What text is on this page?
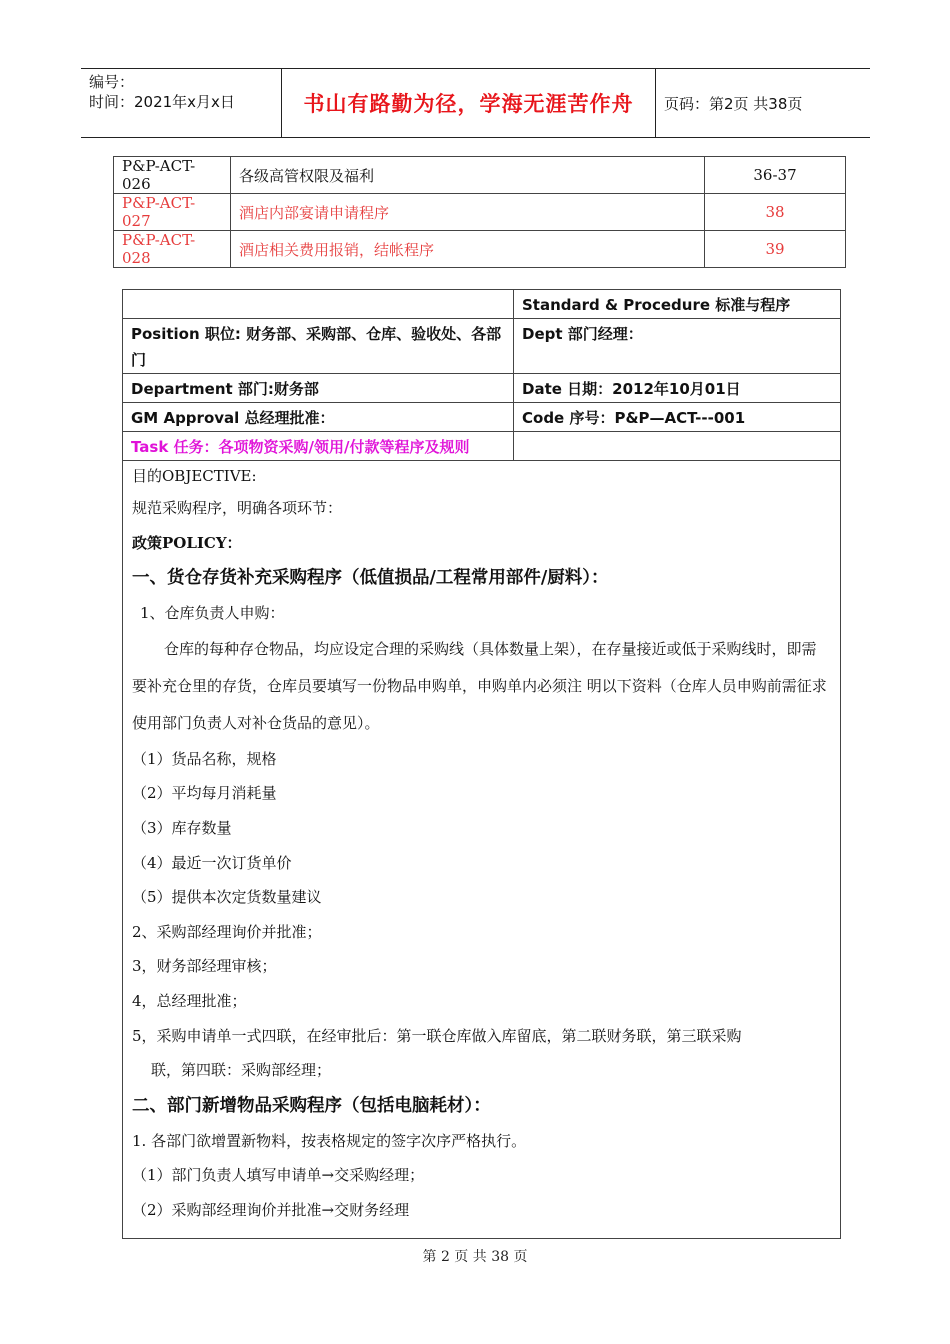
编号：
时间：2021年x月x日	书山有路勤为径，学海无涯苦作舟	页码：第2页 共38页
P&P-ACT-026	各级高管权限及福利	36-37
P&P-ACT-027	酒店内部宴请申请程序	38
P&P-ACT-028	酒店相关费用报销，结帐程序	39
	Standard & Procedure 标准与程序
Position 职位: 财务部、采购部、仓库、验收处、各部门	Dept 部门经理：
Department 部门:财务部	Date 日期：2012年10月01日
GM Approval 总经理批准：	Code 序号：P&P—ACT---001
Task 任务：各项物资采购/领用/付款等程序及规则	
目的OBJECTIVE:
规范采购程序，明确各项环节：
政策POLICY：
一、货仓存货补充采购程序（低值损品/工程常用部件/厨料）：
1、仓库负责人申购：
仓库的每种存仓物品，均应设定合理的采购线（具体数量上架），在存量接近或低于采购线时，即需要补充仓里的存货，仓库员要填写一份物品申购单，申购单内必须注 明以下资料（仓库人员申购前需征求使用部门负责人对补仓货品的意见）。
（1）货品名称，规格
（2）平均每月消耗量
（3）库存数量
（4）最近一次订货单价
（5）提供本次定货数量建议
2、采购部经理询价并批准；
3，财务部经理审核；
4，总经理批准；
5，采购申请单一式四联，在经审批后：第一联仓库做入库留底，第二联财务联，第三联采购
联，第四联：采购部经理；
二、部门新增物品采购程序（包括电脑耗材）：
1. 各部门欲增置新物料，按表格规定的签字次序严格执行。
（1）部门负责人填写申请单→交采购经理；
（2）采购部经理询价并批准→交财务经理
第 2 页 共 38 页
